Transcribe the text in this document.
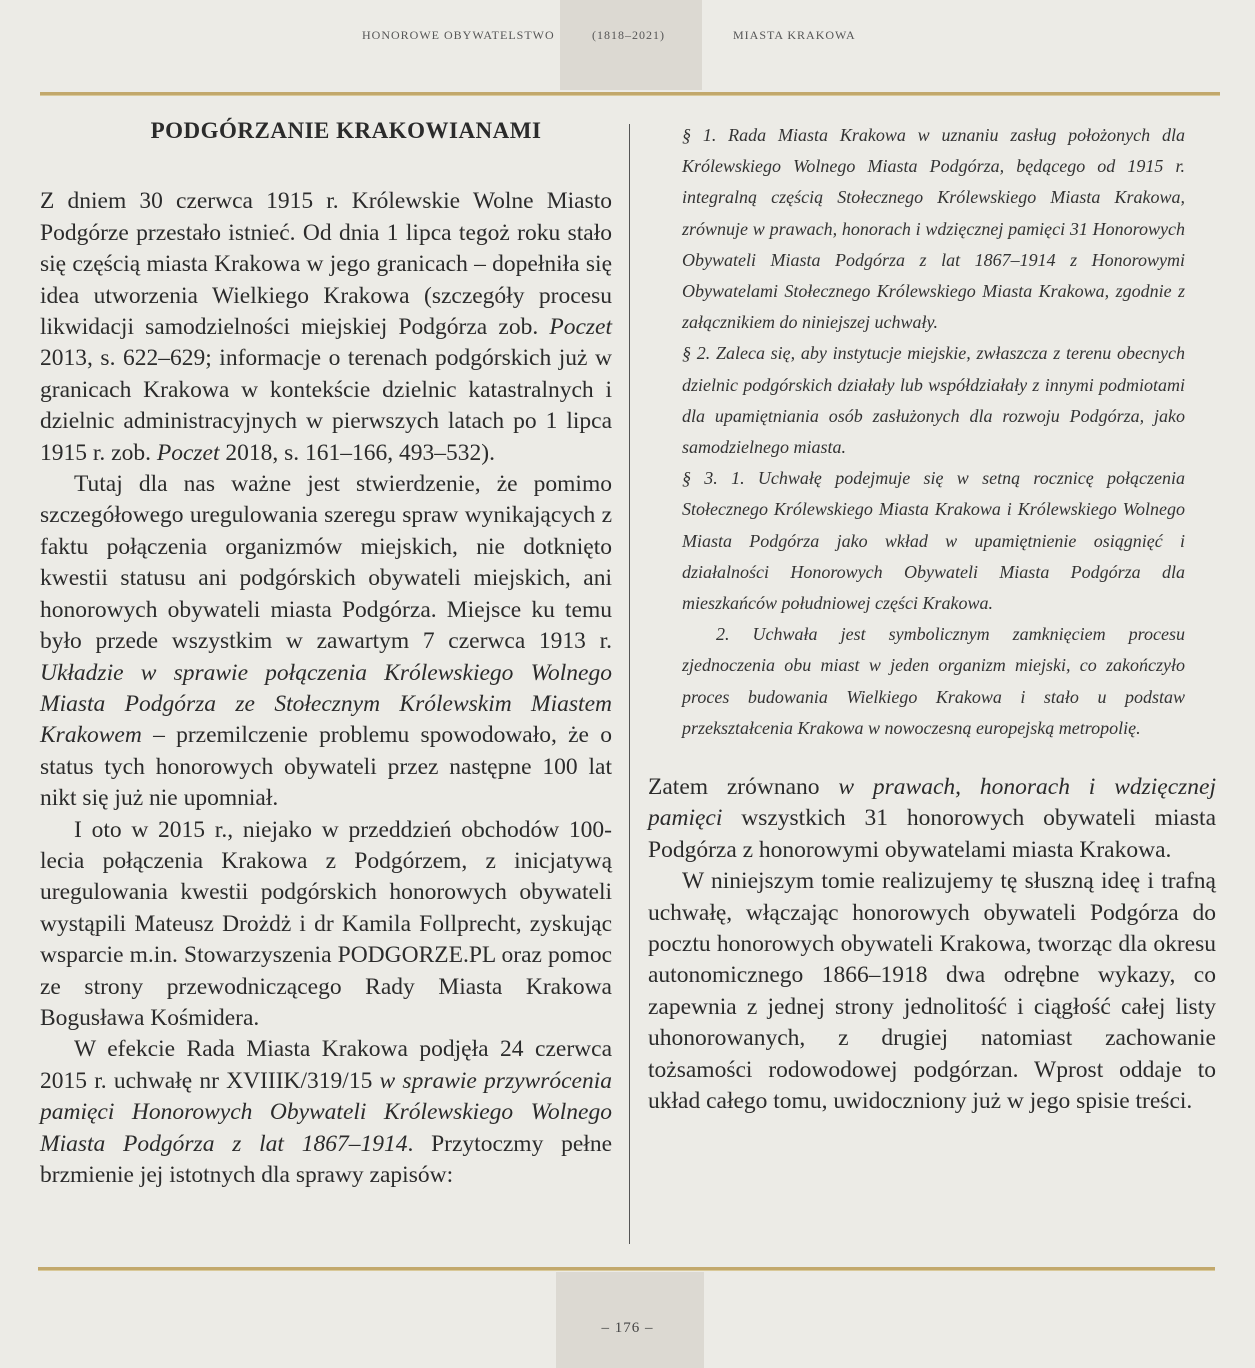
HONOROWE OBYWATELSTWO	(1818–2021)	MIASTA KRAKOWA
PODGÓRZANIE KRAKOWIANAMI

Z dniem 30 czerwca 1915 r. Królewskie Wolne Miasto Podgórze przestało istnieć. Od dnia 1 lipca tegoż roku stało się częścią miasta Krakowa w jego granicach – dopełniła się idea utworzenia Wielkiego Krakowa (szczegóły procesu likwidacji samodzielności miejskiej Podgórza zob. Poczet 2013, s. 622–629; informacje o terenach podgórskich już w granicach Krakowa w kontekście dzielnic katastralnych i dzielnic administracyjnych w pierwszych latach po 1 lipca 1915 r. zob. Poczet 2018, s. 161–166, 493–532).

Tutaj dla nas ważne jest stwierdzenie, że pomimo szczegółowego uregulowania szeregu spraw wynikających z faktu połączenia organizmów miejskich, nie dotknięto kwestii statusu ani podgórskich obywateli miejskich, ani honorowych obywateli miasta Podgórza. Miejsce ku temu było przede wszystkim w zawartym 7 czerwca 1913 r. Układzie w sprawie połączenia Królewskiego Wolnego Miasta Podgórza ze Stołecznym Królewskim Miastem Krakowem – przemilczenie problemu spowodowało, że o status tych honorowych obywateli przez następne 100 lat nikt się już nie upomniał.

I oto w 2015 r., niejako w przeddzień obchodów 100-lecia połączenia Krakowa z Podgórzem, z inicjatywą uregulowania kwestii podgórskich honorowych obywateli wystąpili Mateusz Drożdż i dr Kamila Follprecht, zyskując wsparcie m.in. Stowarzyszenia PODGORZE.PL oraz pomoc ze strony przewodniczącego Rady Miasta Krakowa Bogusława Kośmidera.

W efekcie Rada Miasta Krakowa podjęła 24 czerwca 2015 r. uchwałę nr XVIIIK/319/15 w sprawie przywrócenia pamięci Honorowych Obywateli Królewskiego Wolnego Miasta Podgórza z lat 1867–1914. Przytoczmy pełne brzmienie jej istotnych dla sprawy zapisów:

§ 1. Rada Miasta Krakowa w uznaniu zasług położonych dla Królewskiego Wolnego Miasta Podgórza, będącego od 1915 r. integralną częścią Stołecznego Królewskiego Miasta Krakowa, zrównuje w prawach, honorach i wdzięcznej pamięci 31 Honorowych Obywateli Miasta Podgórza z lat 1867–1914 z Honorowymi Obywatelami Stołecznego Królewskiego Miasta Krakowa, zgodnie z załącznikiem do niniejszej uchwały.

§ 2. Zaleca się, aby instytucje miejskie, zwłaszcza z terenu obecnych dzielnic podgórskich działały lub współdziałały z innymi podmiotami dla upamiętniania osób zasłużonych dla rozwoju Podgórza, jako samodzielnego miasta.

§ 3. 1. Uchwałę podejmuje się w setną rocznicę połączenia Stołecznego Królewskiego Miasta Krakowa i Królewskiego Wolnego Miasta Podgórza jako wkład w upamiętnienie osiągnięć i działalności Honorowych Obywateli Miasta Podgórza dla mieszkańców południowej części Krakowa.

2. Uchwała jest symbolicznym zamknięciem procesu zjednoczenia obu miast w jeden organizm miejski, co zakończyło proces budowania Wielkiego Krakowa i stało u podstaw przekształcenia Krakowa w nowoczesną europejską metropolię.

Zatem zrównano w prawach, honorach i wdzięcznej pamięci wszystkich 31 honorowych obywateli miasta Podgórza z honorowymi obywatelami miasta Krakowa.

W niniejszym tomie realizujemy tę słuszną ideę i trafną uchwałę, włączając honorowych obywateli Podgórza do pocztu honorowych obywateli Krakowa, tworząc dla okresu autonomicznego 1866–1918 dwa odrębne wykazy, co zapewnia z jednej strony jednolitość i ciągłość całej listy uhonorowanych, z drugiej natomiast zachowanie tożsamości rodowodowej podgórzan. Wprost oddaje to układ całego tomu, uwidoczniony już w jego spisie treści.

– 176 –
